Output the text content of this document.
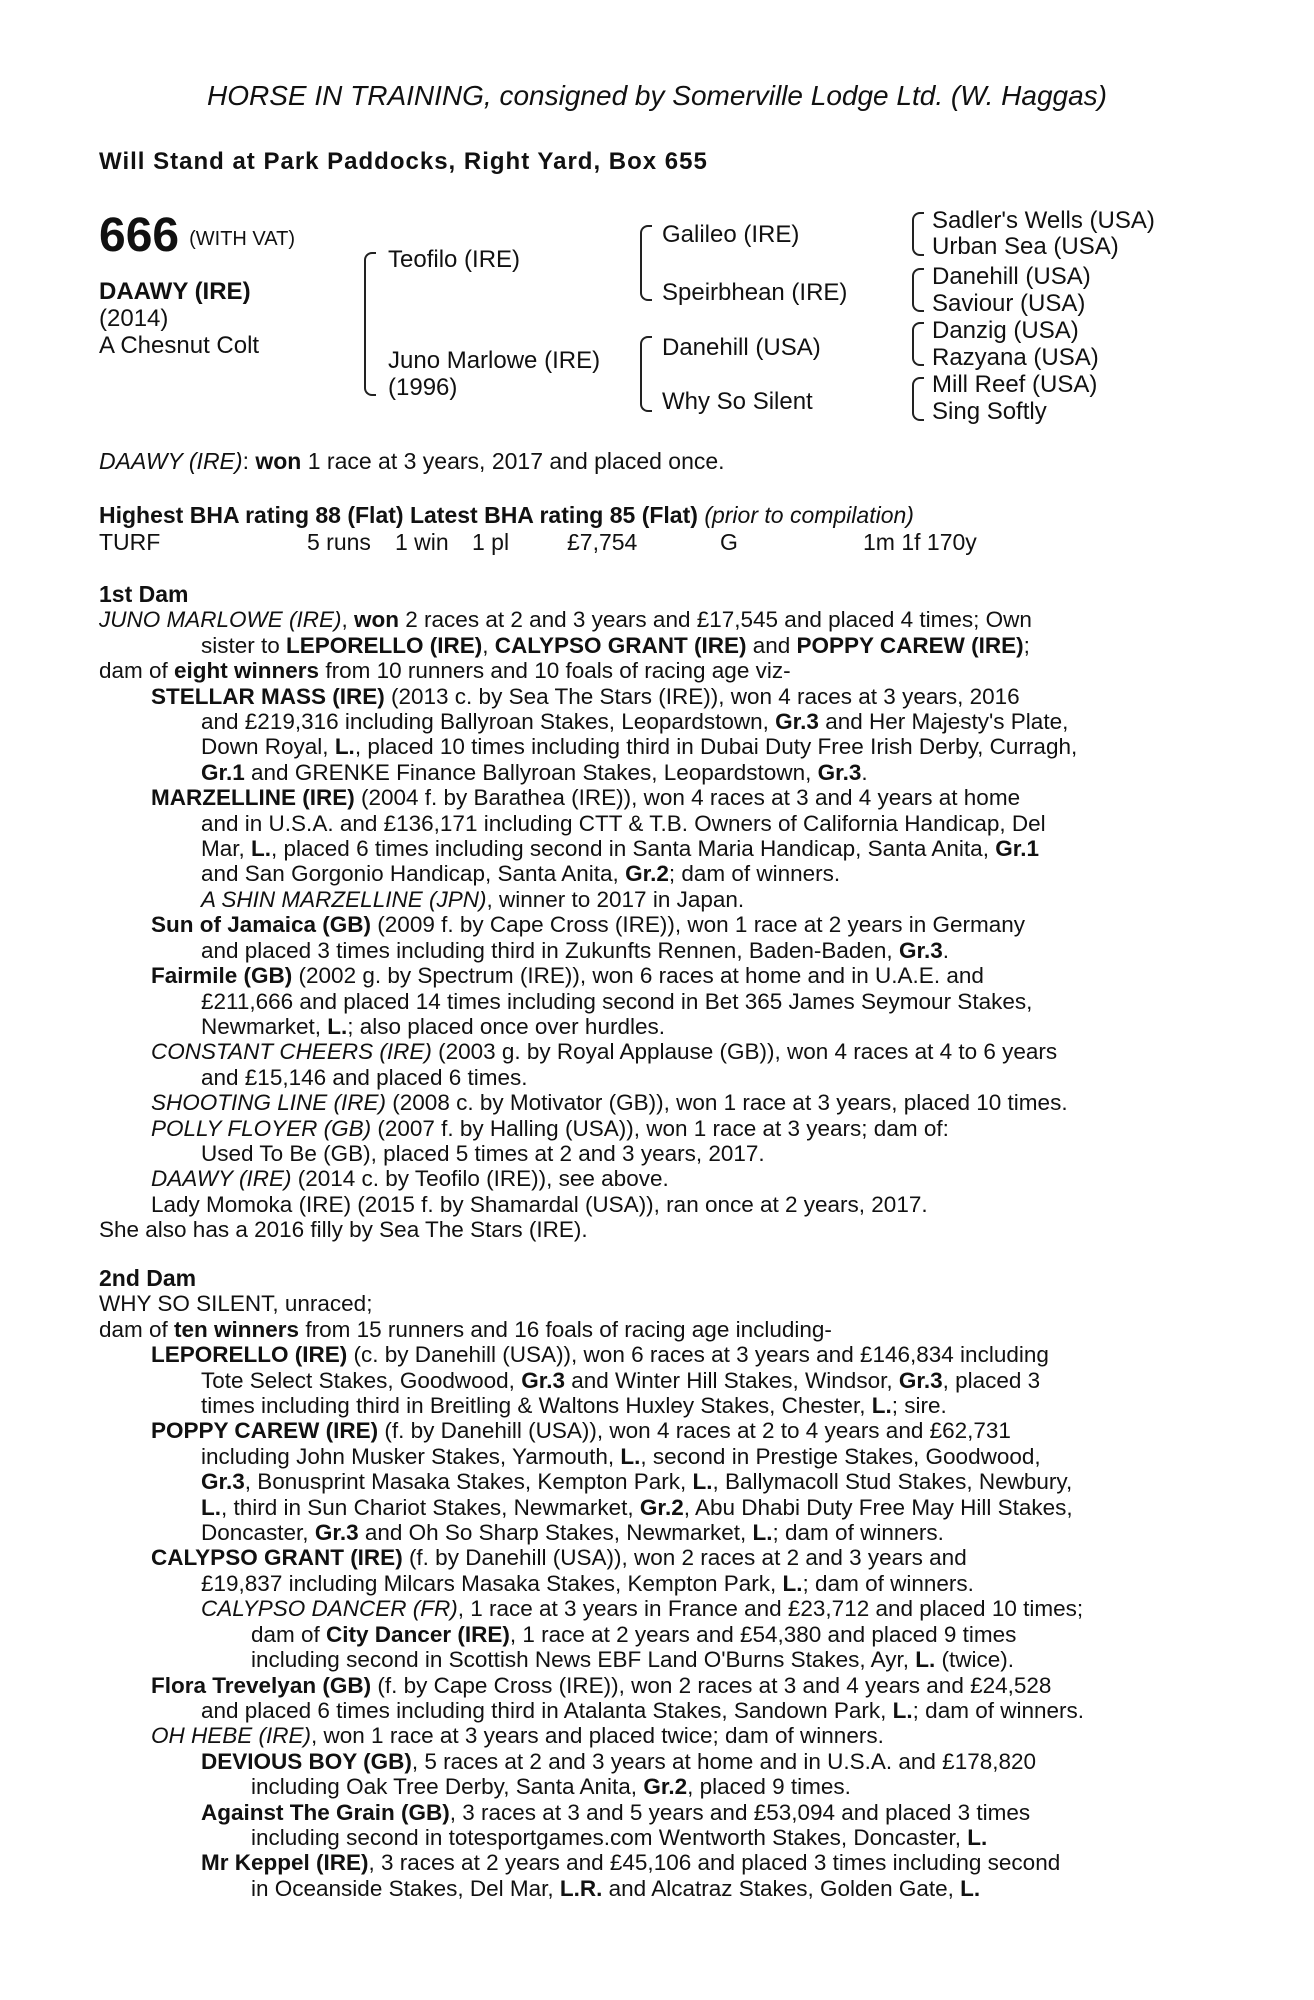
HORSE IN TRAINING, consigned by Somerville Lodge Ltd. (W. Haggas)
Will Stand at Park Paddocks, Right Yard, Box 655
666 (WITH VAT)
DAAWY (IRE)
(2014)
A Chesnut Colt
Teofilo (IRE)
Juno Marlowe (IRE)
(1996)
Galileo (IRE)
Speirbhean (IRE)
Danehill (USA)
Why So Silent
Sadler's Wells (USA)
Urban Sea (USA)
Danehill (USA)
Saviour (USA)
Danzig (USA)
Razyana (USA)
Mill Reef (USA)
Sing Softly
DAAWY (IRE): won 1 race at 3 years, 2017 and placed once.
Highest BHA rating 88 (Flat) Latest BHA rating 85 (Flat) (prior to compilation)
TURF	5 runs 1 win 1 pl	£7,754	G	1m 1f 170y
1st Dam
JUNO MARLOWE (IRE), won 2 races at 2 and 3 years and £17,545 and placed 4 times; Own
sister to LEPORELLO (IRE), CALYPSO GRANT (IRE) and POPPY CAREW (IRE);
dam of eight winners from 10 runners and 10 foals of racing age viz-
STELLAR MASS (IRE) (2013 c. by Sea The Stars (IRE)), won 4 races at 3 years, 2016
and £219,316 including Ballyroan Stakes, Leopardstown, Gr.3 and Her Majesty's Plate,
Down Royal, L., placed 10 times including third in Dubai Duty Free Irish Derby, Curragh,
Gr.1 and GRENKE Finance Ballyroan Stakes, Leopardstown, Gr.3.
MARZELLINE (IRE) (2004 f. by Barathea (IRE)), won 4 races at 3 and 4 years at home
and in U.S.A. and £136,171 including CTT & T.B. Owners of California Handicap, Del
Mar, L., placed 6 times including second in Santa Maria Handicap, Santa Anita, Gr.1
and San Gorgonio Handicap, Santa Anita, Gr.2; dam of winners.
A SHIN MARZELLINE (JPN), winner to 2017 in Japan.
Sun of Jamaica (GB) (2009 f. by Cape Cross (IRE)), won 1 race at 2 years in Germany
and placed 3 times including third in Zukunfts Rennen, Baden-Baden, Gr.3.
Fairmile (GB) (2002 g. by Spectrum (IRE)), won 6 races at home and in U.A.E. and
£211,666 and placed 14 times including second in Bet 365 James Seymour Stakes,
Newmarket, L.; also placed once over hurdles.
CONSTANT CHEERS (IRE) (2003 g. by Royal Applause (GB)), won 4 races at 4 to 6 years
and £15,146 and placed 6 times.
SHOOTING LINE (IRE) (2008 c. by Motivator (GB)), won 1 race at 3 years, placed 10 times.
POLLY FLOYER (GB) (2007 f. by Halling (USA)), won 1 race at 3 years; dam of:
Used To Be (GB), placed 5 times at 2 and 3 years, 2017.
DAAWY (IRE) (2014 c. by Teofilo (IRE)), see above.
Lady Momoka (IRE) (2015 f. by Shamardal (USA)), ran once at 2 years, 2017.
She also has a 2016 filly by Sea The Stars (IRE).
2nd Dam
WHY SO SILENT, unraced;
dam of ten winners from 15 runners and 16 foals of racing age including-
LEPORELLO (IRE) (c. by Danehill (USA)), won 6 races at 3 years and £146,834 including
Tote Select Stakes, Goodwood, Gr.3 and Winter Hill Stakes, Windsor, Gr.3, placed 3
times including third in Breitling & Waltons Huxley Stakes, Chester, L.; sire.
POPPY CAREW (IRE) (f. by Danehill (USA)), won 4 races at 2 to 4 years and £62,731
including John Musker Stakes, Yarmouth, L., second in Prestige Stakes, Goodwood,
Gr.3, Bonusprint Masaka Stakes, Kempton Park, L., Ballymacoll Stud Stakes, Newbury,
L., third in Sun Chariot Stakes, Newmarket, Gr.2, Abu Dhabi Duty Free May Hill Stakes,
Doncaster, Gr.3 and Oh So Sharp Stakes, Newmarket, L.; dam of winners.
CALYPSO GRANT (IRE) (f. by Danehill (USA)), won 2 races at 2 and 3 years and
£19,837 including Milcars Masaka Stakes, Kempton Park, L.; dam of winners.
CALYPSO DANCER (FR), 1 race at 3 years in France and £23,712 and placed 10 times;
dam of City Dancer (IRE), 1 race at 2 years and £54,380 and placed 9 times
including second in Scottish News EBF Land O'Burns Stakes, Ayr, L. (twice).
Flora Trevelyan (GB) (f. by Cape Cross (IRE)), won 2 races at 3 and 4 years and £24,528
and placed 6 times including third in Atalanta Stakes, Sandown Park, L.; dam of winners.
OH HEBE (IRE), won 1 race at 3 years and placed twice; dam of winners.
DEVIOUS BOY (GB), 5 races at 2 and 3 years at home and in U.S.A. and £178,820
including Oak Tree Derby, Santa Anita, Gr.2, placed 9 times.
Against The Grain (GB), 3 races at 3 and 5 years and £53,094 and placed 3 times
including second in totesportgames.com Wentworth Stakes, Doncaster, L.
Mr Keppel (IRE), 3 races at 2 years and £45,106 and placed 3 times including second
in Oceanside Stakes, Del Mar, L.R. and Alcatraz Stakes, Golden Gate, L.
